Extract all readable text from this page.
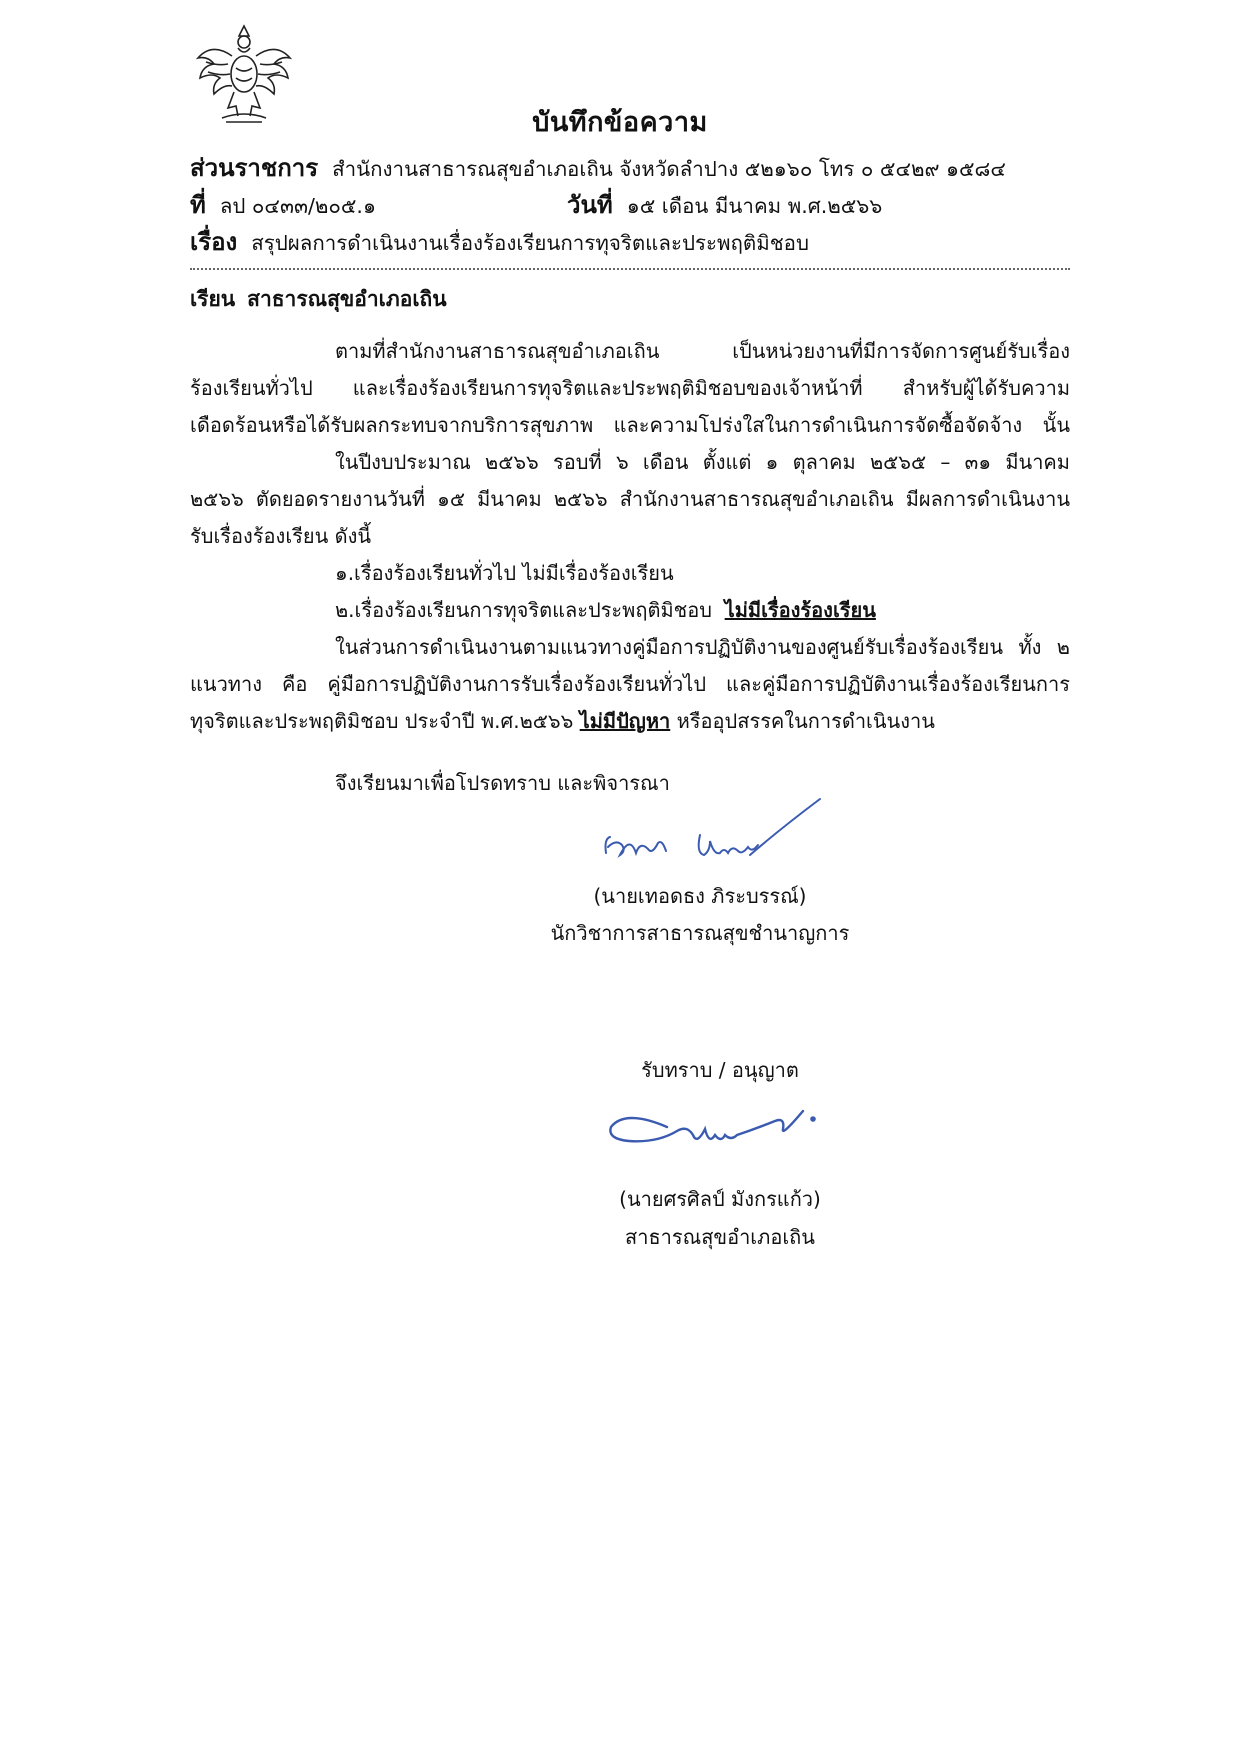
บันทึกข้อความ
ส่วนราชการ สำนักงานสาธารณสุขอำเภอเถิน จังหวัดลำปาง ๕๒๑๖๐ โทร ๐ ๕๔๒๙ ๑๕๘๔
ที่ ลป ๐๔๓๓/๒๐๕.๑	วันที่ ๑๕ เดือน มีนาคม พ.ศ.๒๕๖๖
เรื่อง สรุปผลการดำเนินงานเรื่องร้องเรียนการทุจริตและประพฤติมิชอบ
เรียน สาธารณสุขอำเภอเถิน

ตามที่สำนักงานสาธารณสุขอำเภอเถิน เป็นหน่วยงานที่มีการจัดการศูนย์รับเรื่อง

ร้องเรียนทั่วไป และเรื่องร้องเรียนการทุจริตและประพฤติมิชอบของเจ้าหน้าที่ สำหรับผู้ได้รับความ

เดือดร้อนหรือได้รับผลกระทบจากบริการสุขภาพ และความโปร่งใสในการดำเนินการจัดซื้อจัดจ้าง นั้น

ในปีงบประมาณ ๒๕๖๖ รอบที่ ๖ เดือน ตั้งแต่ ๑ ตุลาคม ๒๕๖๕ – ๓๑ มีนาคม

๒๕๖๖ ตัดยอดรายงานวันที่ ๑๕ มีนาคม ๒๕๖๖ สำนักงานสาธารณสุขอำเภอเถิน มีผลการดำเนินงาน

รับเรื่องร้องเรียน ดังนี้

๑.เรื่องร้องเรียนทั่วไป ไม่มีเรื่องร้องเรียน

๒.เรื่องร้องเรียนการทุจริตและประพฤติมิชอบ ไม่มีเรื่องร้องเรียน

ในส่วนการดำเนินงานตามแนวทางคู่มือการปฏิบัติงานของศูนย์รับเรื่องร้องเรียน ทั้ง ๒

แนวทาง คือ คู่มือการปฏิบัติงานการรับเรื่องร้องเรียนทั่วไป และคู่มือการปฏิบัติงานเรื่องร้องเรียนการ

ทุจริตและประพฤติมิชอบ ประจำปี พ.ศ.๒๕๖๖ ไม่มีปัญหา หรืออุปสรรคในการดำเนินงาน

จึงเรียนมาเพื่อโปรดทราบ และพิจารณา
(นายเทอดธง ภิระบรรณ์)
นักวิชาการสาธารณสุขชำนาญการ
รับทราบ / อนุญาต
(นายศรศิลป์ มังกรแก้ว)
สาธารณสุขอำเภอเถิน
